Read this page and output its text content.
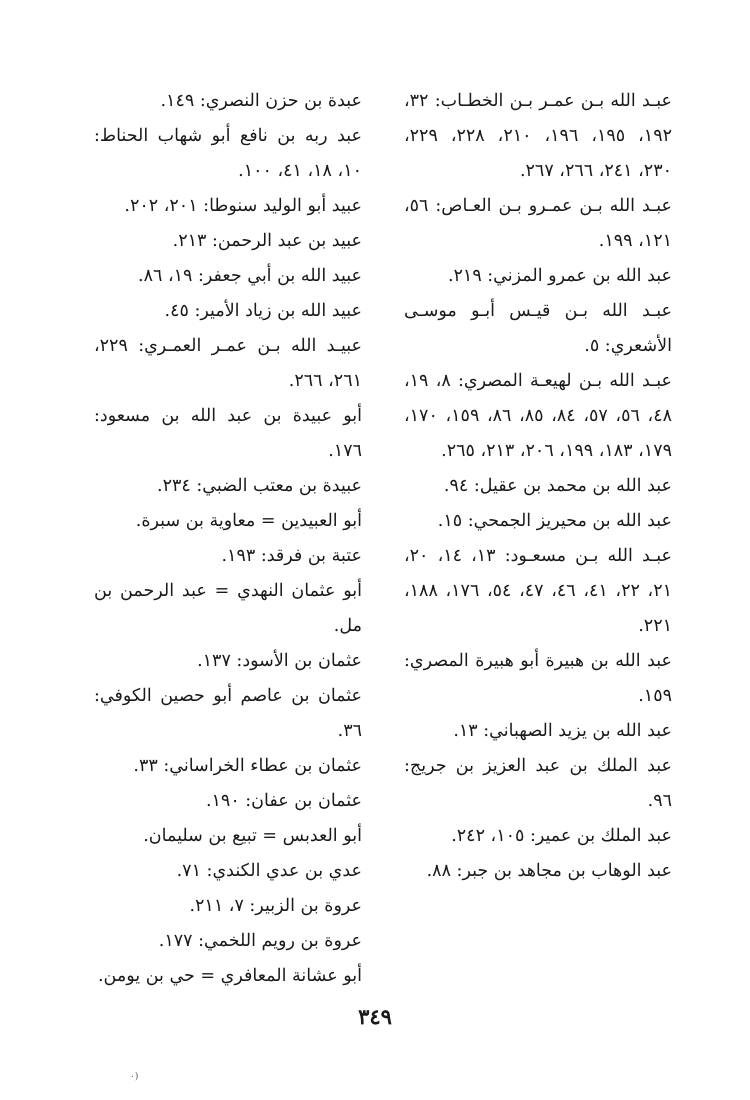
عبـد الله بـن عمـر بـن الخطـاب: ٣٢، ١٩٢، ١٩٥، ١٩٦، ٢١٠، ٢٢٨، ٢٢٩، ٢٣٠، ٢٤١، ٢٦٦، ٢٦٧.

عبـد الله بـن عمـرو بـن العـاص: ٥٦، ١٢١، ١٩٩.

عبد الله بن عمرو المزني: ٢١٩.

عبـد الله بـن قيـس أبـو موسـى الأشعري: ٥.

عبـد الله بـن لهيعـة المصري: ٨، ١٩، ٤٨، ٥٦، ٥٧، ٨٤، ٨٥، ٨٦، ١٥٩، ١٧٠، ١٧٩، ١٨٣، ١٩٩، ٢٠٦، ٢١٣، ٢٦٥.

عبد الله بن محمد بن عقيل: ٩٤.

عبد الله بن محيريز الجمحي: ١٥.

عبـد الله بـن مسعـود: ١٣، ١٤، ٢٠، ٢١، ٢٢، ٤١، ٤٦، ٤٧، ٥٤، ١٧٦، ١٨٨، ٢٢١.

عبد الله بن هبيرة أبو هبيرة المصري: ١٥٩.

عبد الله بن يزيد الصهباني: ١٣.

عبد الملك بن عبد العزيز بن جريج: ٩٦.

عبد الملك بن عمير: ١٠٥، ٢٤٢.

عبد الوهاب بن مجاهد بن جبر: ٨٨.

عبدة بن حزن النصري: ١٤٩.

عبد ربه بن نافع أبو شهاب الحناط: ١٠، ١٨، ٤١، ١٠٠.

عبيد أبو الوليد سنوطا: ٢٠١، ٢٠٢.

عبيد بن عبد الرحمن: ٢١٣.

عبيد الله بن أبي جعفر: ١٩، ٨٦.

عبيد الله بن زياد الأمير: ٤٥.

عبيـد الله بـن عمـر العمـري: ٢٢٩، ٢٦١، ٢٦٦.

أبو عبيدة بن عبد الله بن مسعود: ١٧٦.

عبيدة بن معتب الضبي: ٢٣٤.

أبو العبيدين = معاوية بن سبرة.

عتبة بن فرقد: ١٩٣.

أبو عثمان النهدي = عبد الرحمن بن مل.

عثمان بن الأسود: ١٣٧.

عثمان بن عاصم أبو حصين الكوفي: ٣٦.

عثمان بن عطاء الخراساني: ٣٣.

عثمان بن عفان: ١٩٠.

أبو العدبس = تبيع بن سليمان.

عدي بن عدي الكندي: ٧١.

عروة بن الزبير: ٧، ٢١١.

عروة بن رويم اللخمي: ١٧٧.

أبو عشانة المعافري = حي بن يومن.

٣٤٩
٠)
